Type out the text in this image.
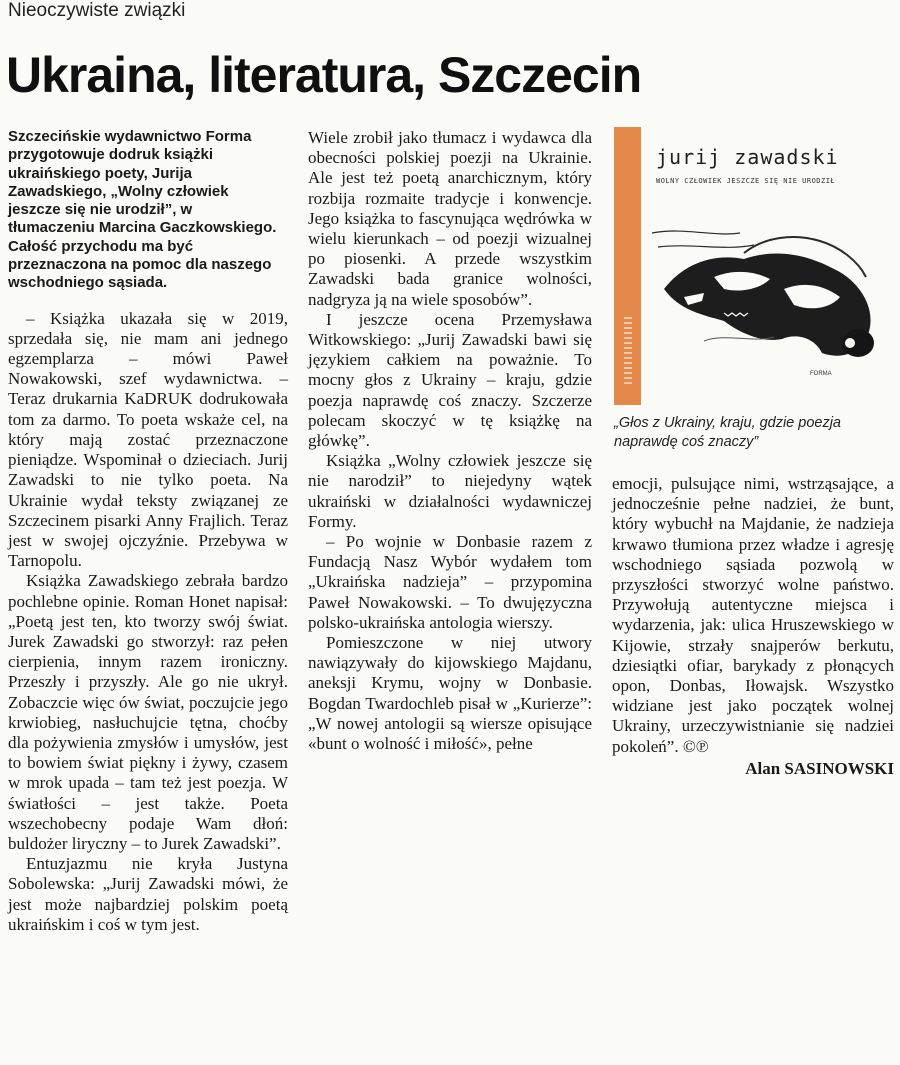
Nieoczywiste związki
Ukraina, literatura, Szczecin

Szczecińskie wydawnictwo Forma przygotowuje dodruk książki ukraińskiego poety, Jurija Zawadskiego, „Wolny człowiek jeszcze się nie urodził”, w tłumaczeniu Marcina Gaczkowskiego. Całość przychodu ma być przeznaczona na pomoc dla naszego wschodniego sąsiada.

– Książka ukazała się w 2019, sprzedała się, nie mam ani jednego egzemplarza – mówi Paweł Nowakowski, szef wydawnictwa. – Teraz drukarnia KaDRUK dodrukowała tom za darmo. To poeta wskaże cel, na który mają zostać przeznaczone pieniądze. Wspominał o dzieciach. Jurij Zawadski to nie tylko poeta. Na Ukrainie wydał teksty związanej ze Szczecinem pisarki Anny Frajlich. Teraz jest w swojej ojczyźnie. Przebywa w Tarnopolu.

Książka Zawadskiego zebrała bardzo pochlebne opinie. Roman Honet napisał: „Poetą jest ten, kto tworzy swój świat. Jurek Zawadski go stworzył: raz pełen cierpienia, innym razem ironiczny. Przeszły i przyszły. Ale go nie ukrył. Zobaczcie więc ów świat, poczujcie jego krwiobieg, nasłuchujcie tętna, choćby dla pożywienia zmysłów i umysłów, jest to bowiem świat piękny i żywy, czasem w mrok upada – tam też jest poezja. W światłości – jest także. Poeta wszechobecny podaje Wam dłoń: buldożer liryczny – to Jurek Zawadski”.

Entuzjazmu nie kryła Justyna Sobolewska: „Jurij Zawadski mówi, że jest może najbardziej polskim poetą ukraińskim i coś w tym jest.

Wiele zrobił jako tłumacz i wydawca dla obecności polskiej poezji na Ukrainie. Ale jest też poetą anarchicznym, który rozbija rozmaite tradycje i konwencje. Jego książka to fascynująca wędrówka w wielu kierunkach – od poezji wizualnej po piosenki. A przede wszystkim Zawadski bada granice wolności, nadgryza ją na wiele sposobów”.

I jeszcze ocena Przemysława Witkowskiego: „Jurij Zawadski bawi się językiem całkiem na poważnie. To mocny głos z Ukrainy – kraju, gdzie poezja naprawdę coś znaczy. Szczerze polecam skoczyć w tę książkę na główkę”.

Książka „Wolny człowiek jeszcze się nie narodził” to niejedyny wątek ukraiński w działalności wydawniczej Formy.

– Po wojnie w Donbasie razem z Fundacją Nasz Wybór wydałem tom „Ukraińska nadzieja” – przypomina Paweł Nowakowski. – To dwujęzyczna polsko-ukraińska antologia wierszy.

Pomieszczone w niej utwory nawiązywały do kijowskiego Majdanu, aneksji Krymu, wojny w Donbasie. Bogdan Twardochleb pisał w „Kurierze”: „W nowej antologii są wiersze opisujące «bunt o wolność i miłość», pełne

jurij zawadski
WOLNY CZŁOWIEK JESZCZE SIĘ NIE URODZIŁ
FORMA
„Głos z Ukrainy, kraju, gdzie poezja naprawdę coś znaczy”

emocji, pulsujące nimi, wstrząsające, a jednocześnie pełne nadziei, że bunt, który wybuchł na Majdanie, że nadzieja krwawo tłumiona przez władze i agresję wschodniego sąsiada pozwolą w przyszłości stworzyć wolne państwo. Przywołują autentyczne miejsca i wydarzenia, jak: ulica Hruszewskiego w Kijowie, strzały snajperów berkutu, dziesiątki ofiar, barykady z płonących opon, Donbas, Iłowajsk. Wszystko widziane jest jako początek wolnej Ukrainy, urzeczywistnianie się nadziei pokoleń”. ©℗

Alan SASINOWSKI
